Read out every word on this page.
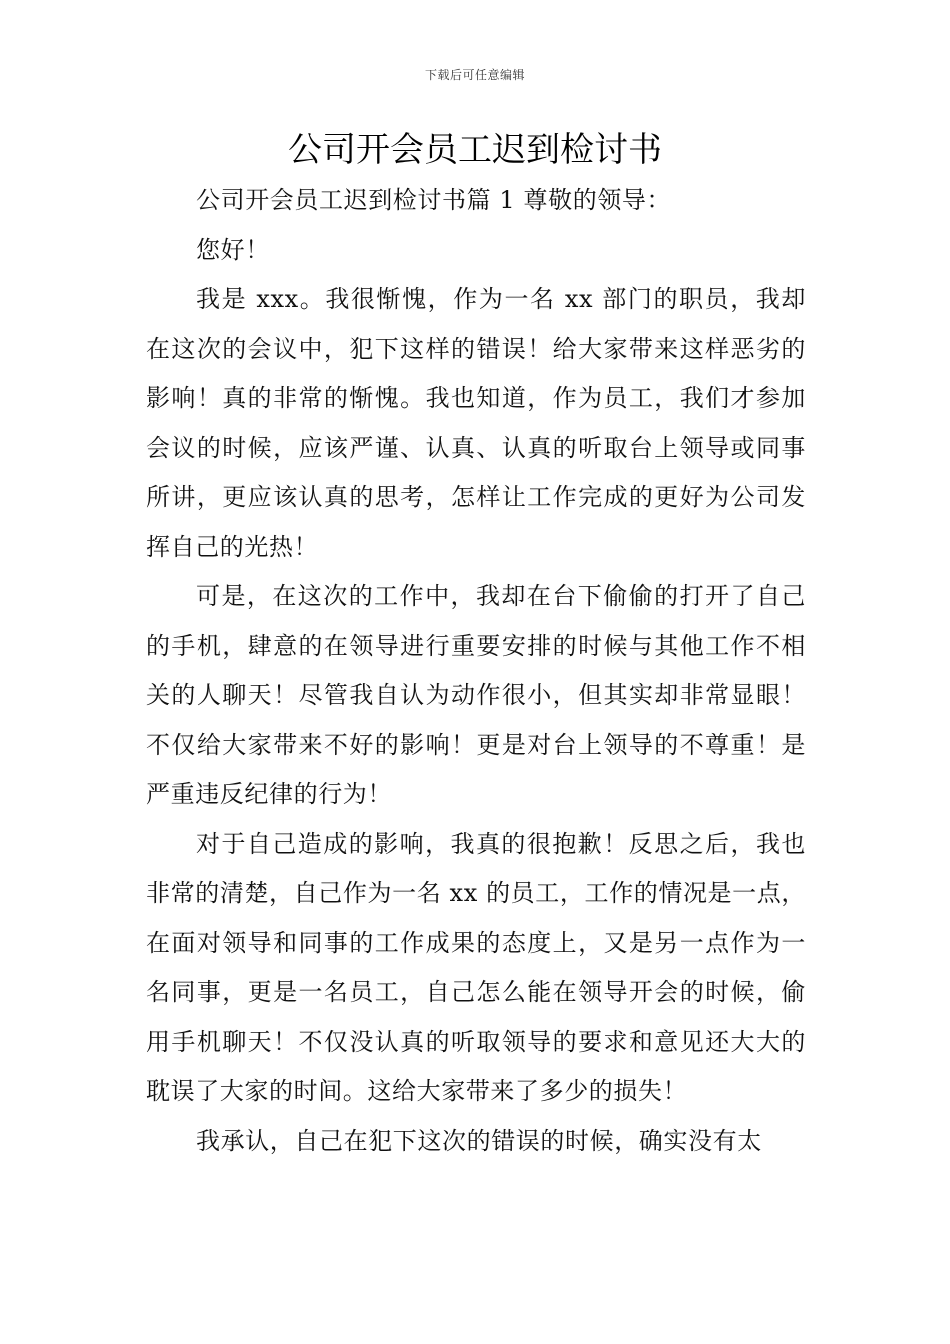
下载后可任意编辑
公司开会员工迟到检讨书

公司开会员工迟到检讨书篇 1 尊敬的领导：

您好！

我是 xxx。我很惭愧，作为一名 xx 部门的职员，我却在这次的会议中，犯下这样的错误！给大家带来这样恶劣的影响！真的非常的惭愧。我也知道，作为员工，我们才参加会议的时候，应该严谨、认真、认真的听取台上领导或同事所讲，更应该认真的思考，怎样让工作完成的更好为公司发挥自己的光热！

可是，在这次的工作中，我却在台下偷偷的打开了自己的手机，肆意的在领导进行重要安排的时候与其他工作不相关的人聊天！尽管我自认为动作很小，但其实却非常显眼！不仅给大家带来不好的影响！更是对台上领导的不尊重！是严重违反纪律的行为！

对于自己造成的影响，我真的很抱歉！反思之后，我也非常的清楚，自己作为一名 xx 的员工，工作的情况是一点，在面对领导和同事的工作成果的态度上，又是另一点作为一名同事，更是一名员工，自己怎么能在领导开会的时候，偷用手机聊天！不仅没认真的听取领导的要求和意见还大大的耽误了大家的时间。这给大家带来了多少的损失！

我承认，自己在犯下这次的错误的时候，确实没有太
